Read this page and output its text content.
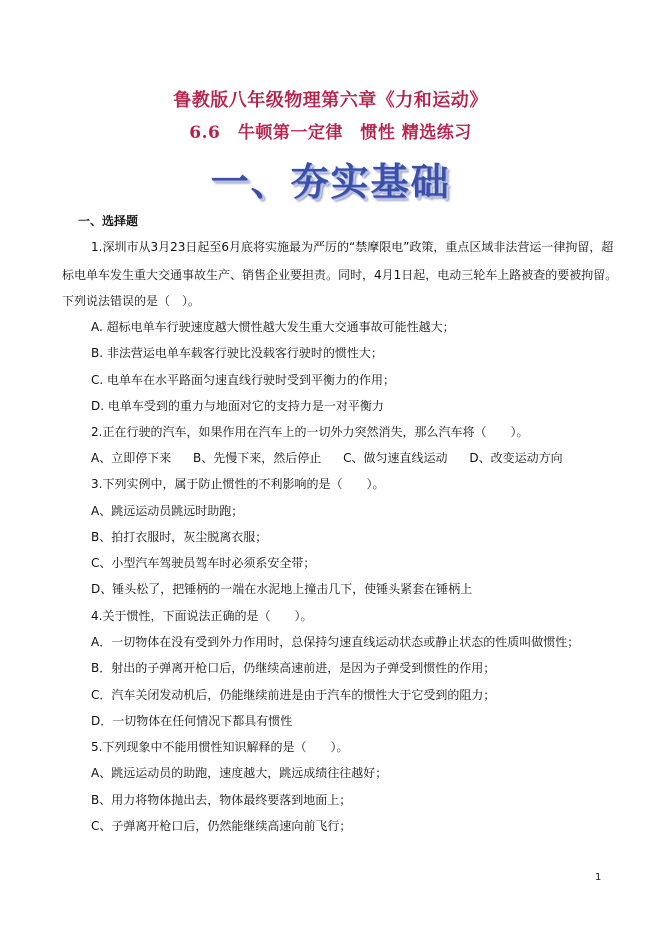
鲁教版八年级物理第六章《力和运动》
6.6　牛顿第一定律　惯性 精选练习
一、夯实基础
一、选择题
1.深圳市从3月23日起至6月底将实施最为严厉的“禁摩限电”政策，重点区域非法营运一律拘留，超
标电单车发生重大交通事故生产、销售企业要担责。同时，4月1日起，电动三轮车上路被查的要被拘留。
下列说法错误的是（　）。
A. 超标电单车行驶速度越大惯性越大发生重大交通事故可能性越大；
B. 非法营运电单车载客行驶比没载客行驶时的惯性大；
C. 电单车在水平路面匀速直线行驶时受到平衡力的作用；
D. 电单车受到的重力与地面对它的支持力是一对平衡力
2.正在行驶的汽车，如果作用在汽车上的一切外力突然消失，那么汽车将（　　）。
A、立即停下来 B、先慢下来，然后停止 C、做匀速直线运动 D、改变运动方向
3.下列实例中，属于防止惯性的不利影响的是（　　）。
A、跳远运动员跳远时助跑；
B、拍打衣服时，灰尘脱离衣服；
C、小型汽车驾驶员驾车时必须系安全带；
D、锤头松了，把锤柄的一端在水泥地上撞击几下，使锤头紧套在锤柄上
4.关于惯性，下面说法正确的是（　　）。
A．一切物体在没有受到外力作用时，总保持匀速直线运动状态或静止状态的性质叫做惯性；
B．射出的子弹离开枪口后，仍继续高速前进，是因为子弹受到惯性的作用；
C．汽车关闭发动机后，仍能继续前进是由于汽车的惯性大于它受到的阻力；
D．一切物体在任何情况下都具有惯性
5.下列现象中不能用惯性知识解释的是（　　）。
A、跳远运动员的助跑，速度越大，跳远成绩往往越好；
B、用力将物体抛出去，物体最终要落到地面上；
C、子弹离开枪口后，仍然能继续高速向前飞行；
1
